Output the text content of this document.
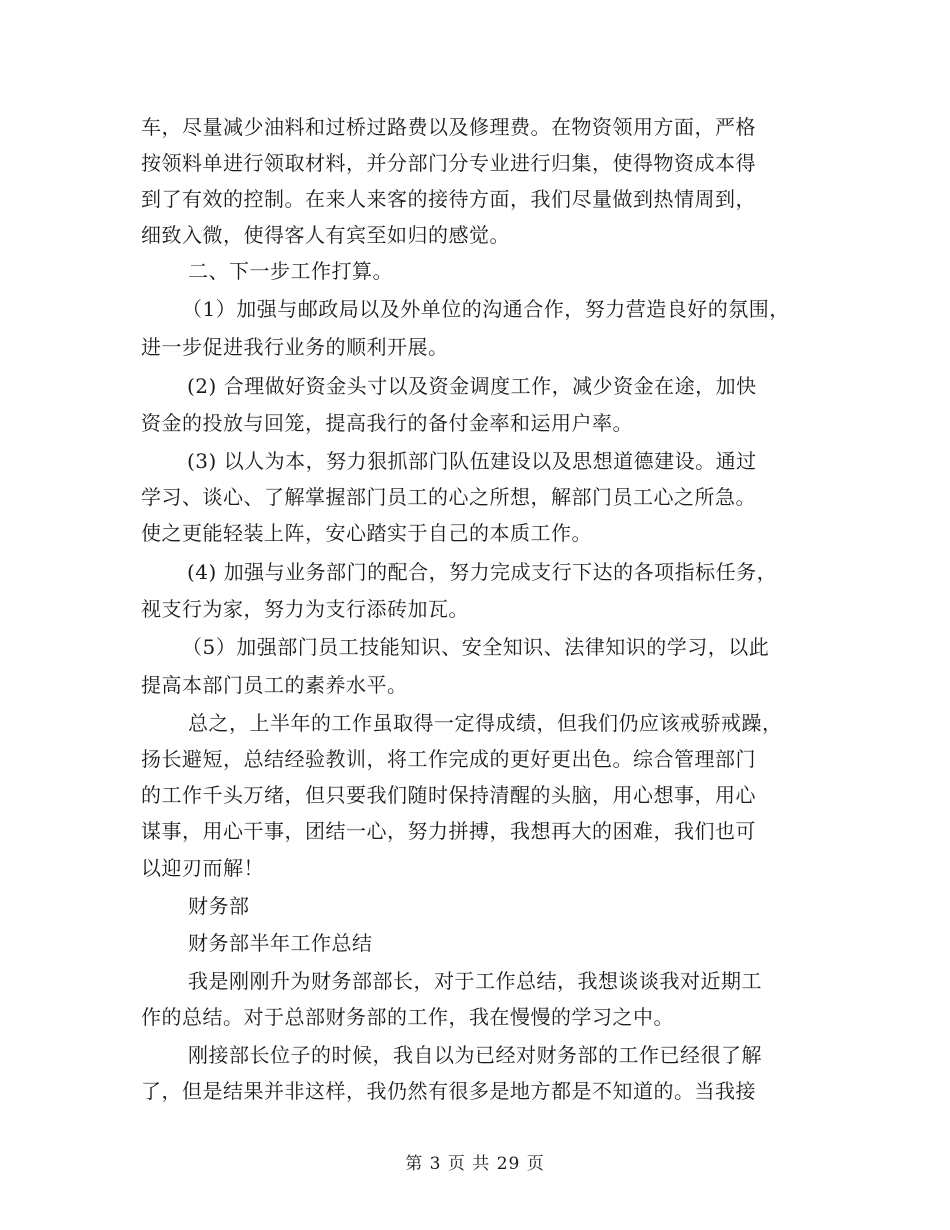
车，尽量减少油料和过桥过路费以及修理费。在物资领用方面，严格
按领料单进行领取材料，并分部门分专业进行归集，使得物资成本得
到了有效的控制。在来人来客的接待方面，我们尽量做到热情周到，
细致入微，使得客人有宾至如归的感觉。
二、下一步工作打算。
（1）加强与邮政局以及外单位的沟通合作，努力营造良好的氛围，
进一步促进我行业务的顺利开展。
(2) 合理做好资金头寸以及资金调度工作，减少资金在途，加快
资金的投放与回笼，提高我行的备付金率和运用户率。
(3) 以人为本，努力狠抓部门队伍建设以及思想道德建设。通过
学习、谈心、了解掌握部门员工的心之所想，解部门员工心之所急。
使之更能轻装上阵，安心踏实于自己的本质工作。
(4) 加强与业务部门的配合，努力完成支行下达的各项指标任务，
视支行为家，努力为支行添砖加瓦。
（5）加强部门员工技能知识、安全知识、法律知识的学习，以此
提高本部门员工的素养水平。
总之，上半年的工作虽取得一定得成绩，但我们仍应该戒骄戒躁，
扬长避短，总结经验教训，将工作完成的更好更出色。综合管理部门
的工作千头万绪，但只要我们随时保持清醒的头脑，用心想事，用心
谋事，用心干事，团结一心，努力拼搏，我想再大的困难，我们也可
以迎刃而解！
财务部
财务部半年工作总结
我是刚刚升为财务部部长，对于工作总结，我想谈谈我对近期工
作的总结。对于总部财务部的工作，我在慢慢的学习之中。
刚接部长位子的时候，我自以为已经对财务部的工作已经很了解
了，但是结果并非这样，我仍然有很多是地方都是不知道的。当我接
第 3 页 共 29 页
